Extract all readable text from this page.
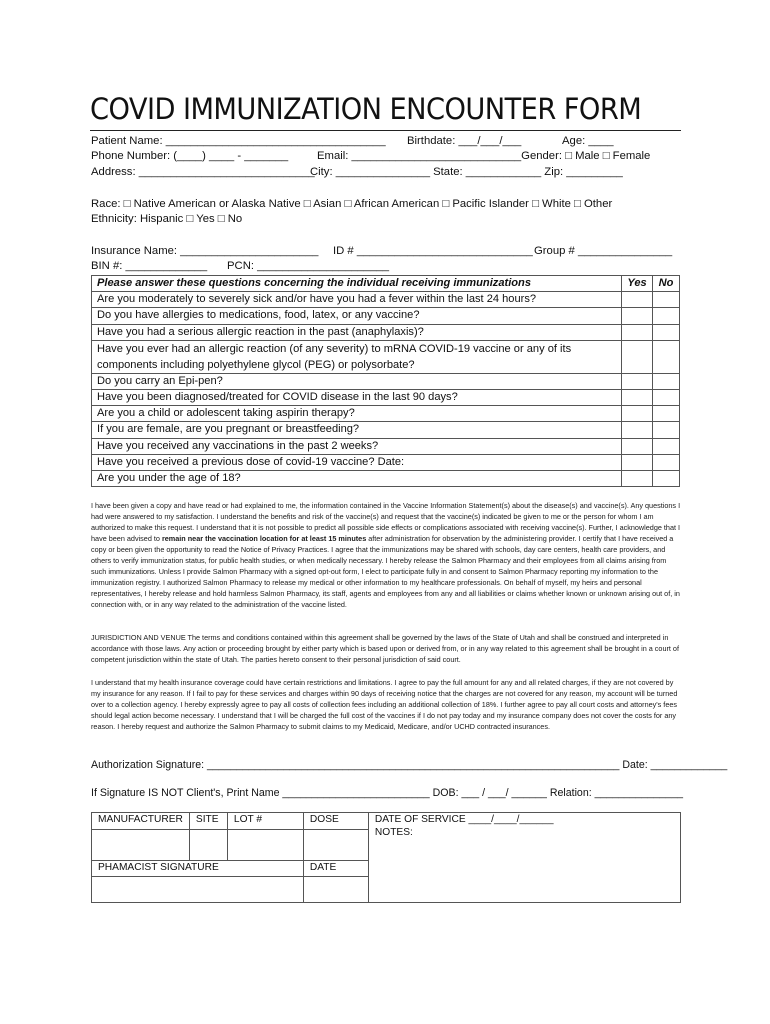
COVID IMMUNIZATION ENCOUNTER FORM
Patient Name: ___________________________________ Birthdate: ___/___/___	Age: ____
Phone Number: (____) ____ - _______	Email: ___________________________Gender: □ Male □ Female
Address: ____________________________
City: _______________ State: ____________ Zip: _________
Race: □ Native American or Alaska Native □ Asian □ African American □ Pacific Islander □ White □ Other
Ethnicity: Hispanic □ Yes □ No
Insurance Name: ______________________ ID # ____________________________ Group # _______________
BIN #: _____________ PCN: _____________________
Please answer these questions concerning the individual receiving immunizations	Yes	No
Are you moderately to severely sick and/or have you had a fever within the last 24 hours?		
Do you have allergies to medications, food, latex, or any vaccine?		
Have you had a serious allergic reaction in the past (anaphylaxis)?		

Have you ever had an allergic reaction (of any severity) to mRNA COVID-19 vaccine or any of its
components including polyethylene glycol (PEG) or polysorbate?		

Do you carry an Epi-pen?		
Have you been diagnosed/treated for COVID disease in the last 90 days?		
Are you a child or adolescent taking aspirin therapy?		
If you are female, are you pregnant or breastfeeding?		
Have you received any vaccinations in the past 2 weeks?		
Have you received a previous dose of covid-19 vaccine? Date:		
Are you under the age of 18?		
I have been given a copy and have read or had explained to me, the information contained in the Vaccine Information Statement(s) about the disease(s) and vaccine(s). Any questions I had were answered to my satisfaction. I understand the benefits and risk of the vaccine(s) and request that the vaccine(s) indicated be given to me or the person for whom I am authorized to make this request. I understand that it is not possible to predict all possible side effects or complications associated with receiving vaccine(s). Further, I acknowledge that I have been advised to remain near the vaccination location for at least 15 minutes after administration for observation by the administering provider. I certify that I have received a copy or been given the opportunity to read the Notice of Privacy Practices. I agree that the immunizations may be shared with schools, day care centers, health care providers, and others to verify immunization status, for public health studies, or when medically necessary. I hereby release the Salmon Pharmacy and their employees from all claims arising from such immunizations. Unless I provide Salmon Pharmacy with a signed opt-out form, I elect to participate fully in and consent to Salmon Pharmacy reporting my information to the immunization registry. I authorized Salmon Pharmacy to release my medical or other information to my healthcare professionals. On behalf of myself, my heirs and personal representatives, I hereby release and hold harmless Salmon Pharmacy, its staff, agents and employees from any and all liabilities or claims whether known or unknown arising out of, in connection with, or in any way related to the administration of the vaccine listed.
JURISDICTION AND VENUE The terms and conditions contained within this agreement shall be governed by the laws of the State of Utah and shall be construed and interpreted in accordance with those laws. Any action or proceeding brought by either party which is based upon or derived from, or in any way related to this agreement shall be brought in a court of competent jurisdiction within the state of Utah. The parties hereto consent to their personal jurisdiction of said court.
I understand that my health insurance coverage could have certain restrictions and limitations. I agree to pay the full amount for any and all related charges, if they are not covered by my insurance for any reason. If I fail to pay for these services and charges within 90 days of receiving notice that the charges are not covered for any reason, my account will be turned over to a collection agency. I hereby expressly agree to pay all costs of collection fees including an additional collection of 18%. I further agree to pay all court costs and attorney's fees should legal action become necessary. I understand that I will be charged the full cost of the vaccines if I do not pay today and my insurance company does not cover the costs for any reason. I hereby request and authorize the Salmon Pharmacy to submit claims to my Medicaid, Medicare, and/or UCHD contracted insurances.
Authorization Signature: ______________________________________________________________________ Date: _____________
If Signature IS NOT Client's, Print Name _________________________ DOB: ___ / ___/ ______ Relation: _______________
MANUFACTURER	SITE	LOT #	DOSE	DATE OF SERVICE ____/____/______
NOTES:

PHAMACIST SIGNATURE			DATE	
